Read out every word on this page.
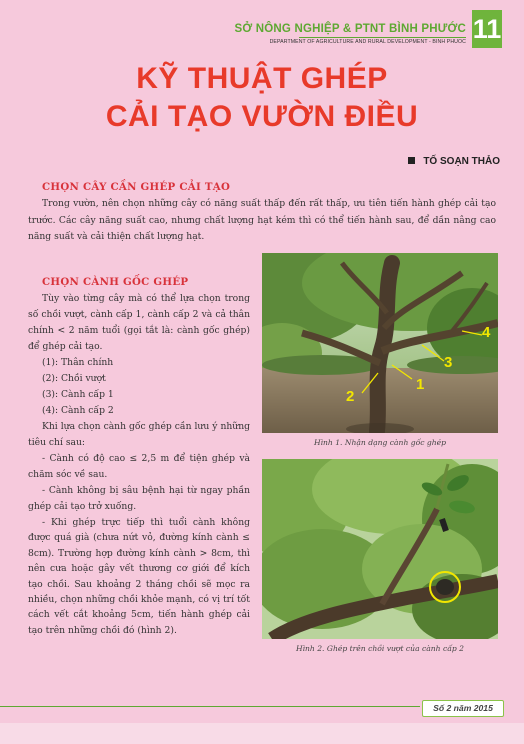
SỞ NÔNG NGHIỆP & PTNT BÌNH PHƯỚC
DEPARTMENT OF AGRICULTURE AND RURAL DEVELOPMENT - BINH PHUOC 11
KỸ THUẬT GHÉP
CẢI TẠO VƯỜN ĐIỀU
TỐ SOẠN THẢO
CHỌN CÂY CẦN GHÉP CẢI TẠO

Trong vườn, nên chọn những cây có năng suất thấp đến rất thấp, ưu tiên tiến hành ghép cải tạo trước. Các cây năng suất cao, nhưng chất lượng hạt kém thì có thể tiến hành sau, để dần nâng cao năng suất và cải thiện chất lượng hạt.

CHỌN CÀNH GỐC GHÉP

Tùy vào từng cây mà có thể lựa chọn trong số chồi vượt, cành cấp 1, cành cấp 2 và cả thân chính < 2 năm tuổi (gọi tắt là: cành gốc ghép) để ghép cải tạo.

(1): Thân chính

(2): Chồi vượt

(3): Cành cấp 1

(4): Cành cấp 2

Khi lựa chọn cành gốc ghép cần lưu ý những tiêu chí sau:

- Cành có độ cao ≤ 2,5 m để tiện ghép và chăm sóc về sau.

- Cành không bị sâu bệnh hại từ ngay phần ghép cải tạo trở xuống.

- Khi ghép trực tiếp thì tuổi cành không được quá già (chưa nứt vỏ, đường kính cành ≤ 8cm). Trường hợp đường kính cành > 8cm, thì nên cưa hoặc gây vết thương cơ giới để kích tạo chồi. Sau khoảng 2 tháng chồi sẽ mọc ra nhiều, chọn những chồi khỏe mạnh, có vị trí tốt cách vết cắt khoảng 5cm, tiến hành ghép cải tạo trên những chồi đó (hình 2).

1
2
3
4
Hình 1. Nhận dạng cành gốc ghép
Hình 2. Ghép trên chồi vượt của cành cấp 2
Số 2 năm 2015
